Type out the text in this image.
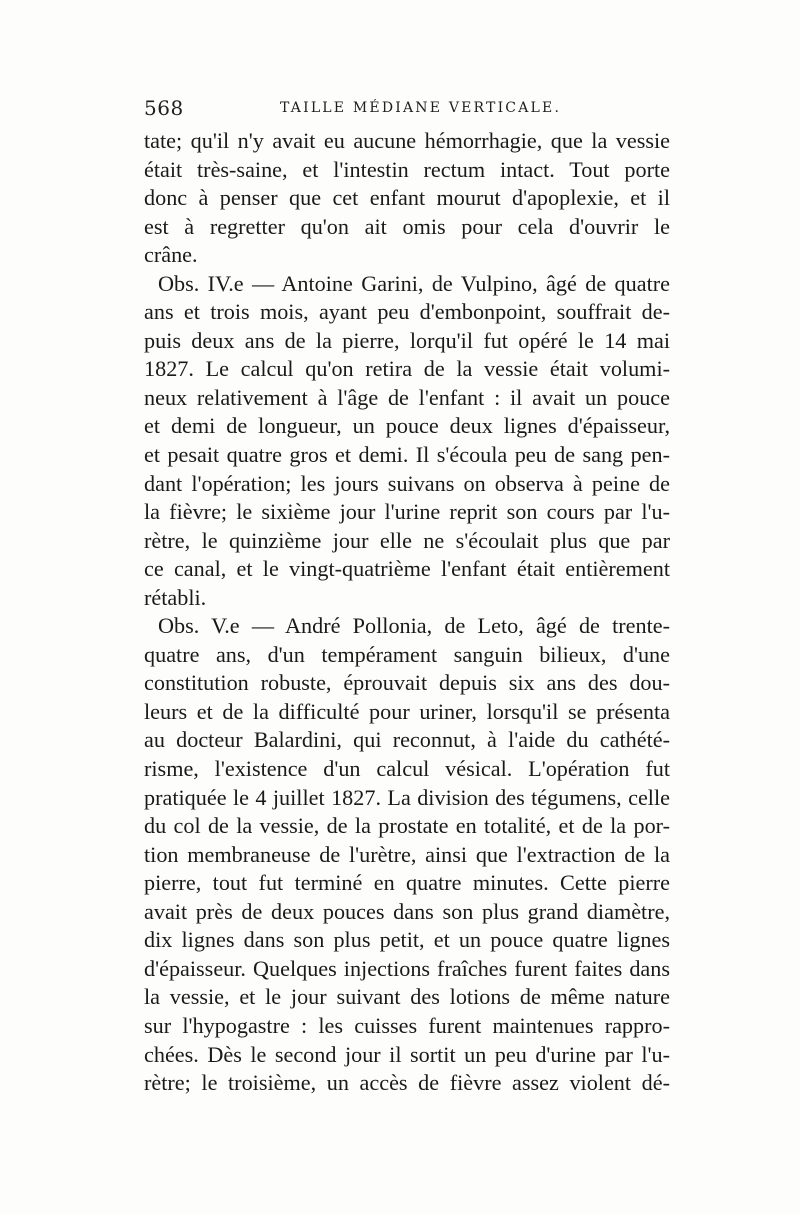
568	TAILLE MÉDIANE VERTICALE.
tate; qu'il n'y avait eu aucune hémorrhagie, que la vessie
était très-saine, et l'intestin rectum intact. Tout porte
donc à penser que cet enfant mourut d'apoplexie, et il
est à regretter qu'on ait omis pour cela d'ouvrir le
crâne.
Obs. IV.e — Antoine Garini, de Vulpino, âgé de quatre
ans et trois mois, ayant peu d'embonpoint, souffrait de-
puis deux ans de la pierre, lorqu'il fut opéré le 14 mai
1827. Le calcul qu'on retira de la vessie était volumi-
neux relativement à l'âge de l'enfant : il avait un pouce
et demi de longueur, un pouce deux lignes d'épaisseur,
et pesait quatre gros et demi. Il s'écoula peu de sang pen-
dant l'opération; les jours suivans on observa à peine de
la fièvre; le sixième jour l'urine reprit son cours par l'u-
rètre, le quinzième jour elle ne s'écoulait plus que par
ce canal, et le vingt-quatrième l'enfant était entièrement
rétabli.
Obs. V.e — André Pollonia, de Leto, âgé de trente-
quatre ans, d'un tempérament sanguin bilieux, d'une
constitution robuste, éprouvait depuis six ans des dou-
leurs et de la difficulté pour uriner, lorsqu'il se présenta
au docteur Balardini, qui reconnut, à l'aide du cathété-
risme, l'existence d'un calcul vésical. L'opération fut
pratiquée le 4 juillet 1827. La division des tégumens, celle
du col de la vessie, de la prostate en totalité, et de la por-
tion membraneuse de l'urètre, ainsi que l'extraction de la
pierre, tout fut terminé en quatre minutes. Cette pierre
avait près de deux pouces dans son plus grand diamètre,
dix lignes dans son plus petit, et un pouce quatre lignes
d'épaisseur. Quelques injections fraîches furent faites dans
la vessie, et le jour suivant des lotions de même nature
sur l'hypogastre : les cuisses furent maintenues rappro-
chées. Dès le second jour il sortit un peu d'urine par l'u-
rètre; le troisième, un accès de fièvre assez violent dé-
